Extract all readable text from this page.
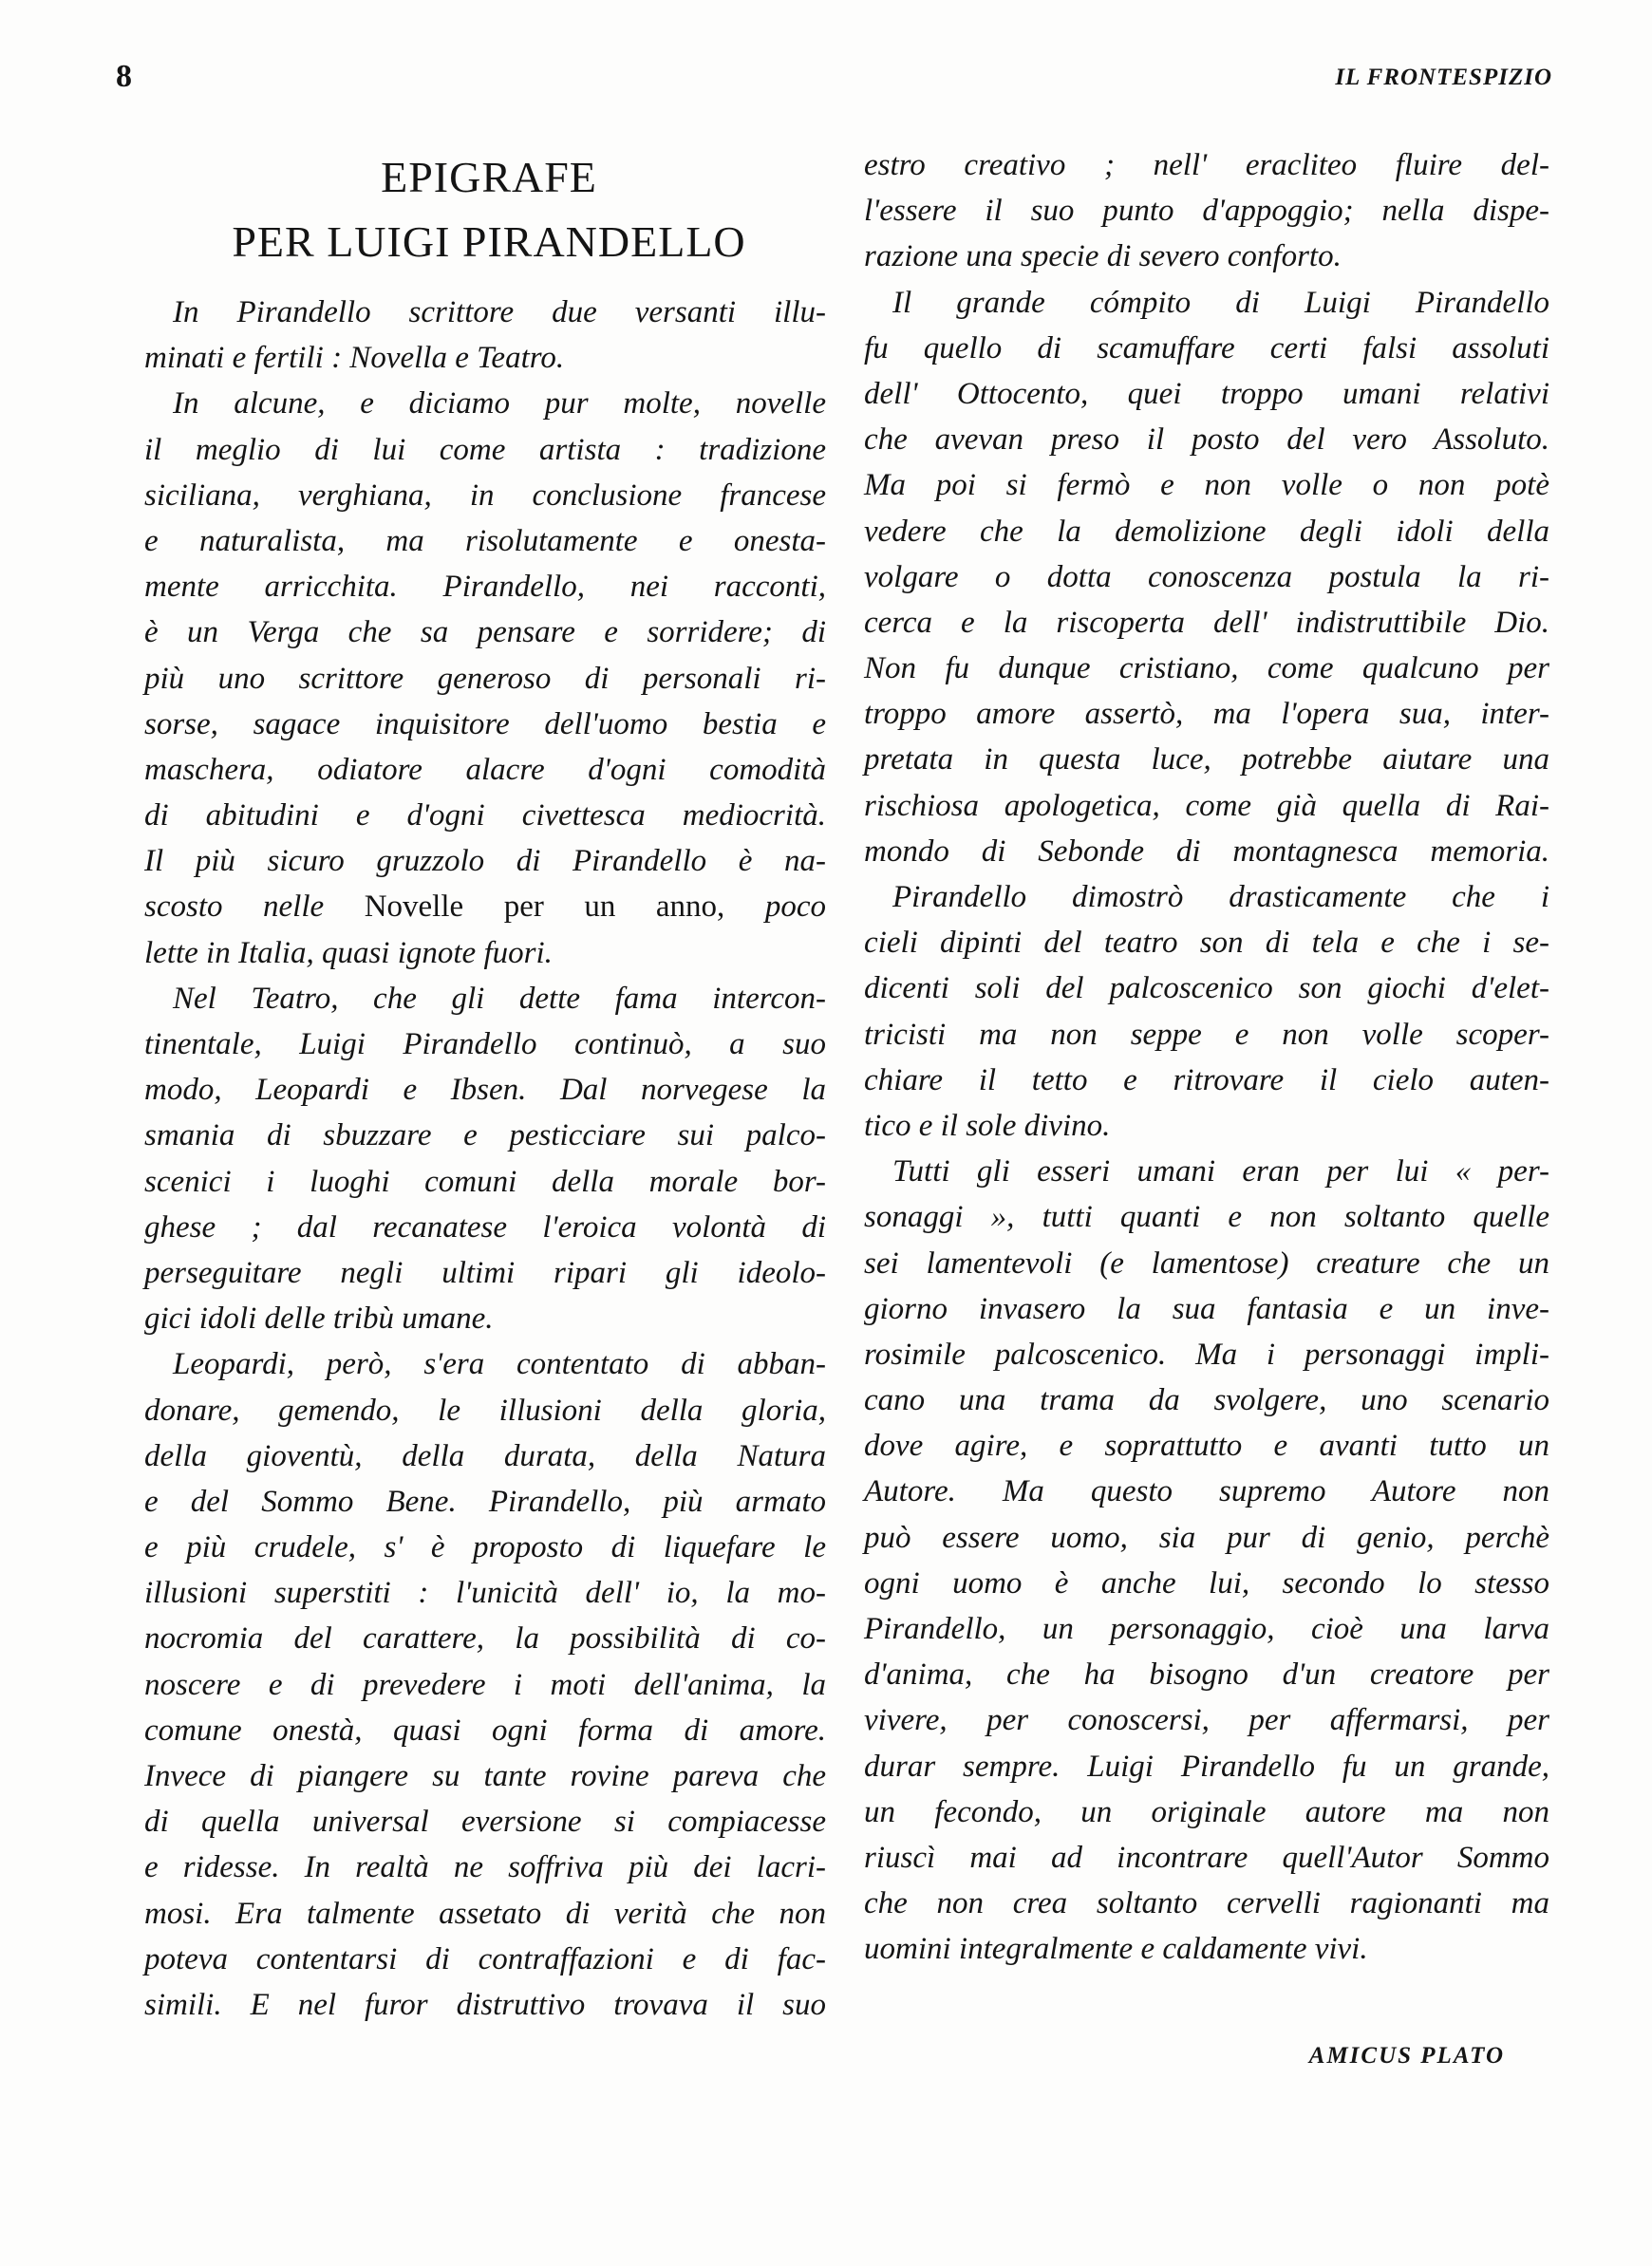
8	IL FRONTESPIZIO
EPIGRAFE
PER LUIGI PIRANDELLO
In Pirandello scrittore due versanti illu-
minati e fertili : Novella e Teatro.
In alcune, e diciamo pur molte, novelle
il meglio di lui come artista : tradizione
siciliana, verghiana, in conclusione francese
e naturalista, ma risolutamente e onesta-
mente arricchita. Pirandello, nei racconti,
è un Verga che sa pensare e sorridere; di
più uno scrittore generoso di personali ri-
sorse, sagace inquisitore dell'uomo bestia e
maschera, odiatore alacre d'ogni comodità
di abitudini e d'ogni civettesca mediocrità.
Il più sicuro gruzzolo di Pirandello è na-
scosto nelle Novelle per un anno, poco
lette in Italia, quasi ignote fuori.
Nel Teatro, che gli dette fama intercon-
tinentale, Luigi Pirandello continuò, a suo
modo, Leopardi e Ibsen. Dal norvegese la
smania di sbuzzare e pesticciare sui palco-
scenici i luoghi comuni della morale bor-
ghese ; dal recanatese l'eroica volontà di
perseguitare negli ultimi ripari gli ideolo-
gici idoli delle tribù umane.
Leopardi, però, s'era contentato di abban-
donare, gemendo, le illusioni della gloria,
della gioventù, della durata, della Natura
e del Sommo Bene. Pirandello, più armato
e più crudele, s' è proposto di liquefare le
illusioni superstiti : l'unicità dell' io, la mo-
nocromia del carattere, la possibilità di co-
noscere e di prevedere i moti dell'anima, la
comune onestà, quasi ogni forma di amore.
Invece di piangere su tante rovine pareva che
di quella universal eversione si compiacesse
e ridesse. In realtà ne soffriva più dei lacri-
mosi. Era talmente assetato di verità che non
poteva contentarsi di contraffazioni e di fac-
simili. E nel furor distruttivo trovava il suo
estro creativo ; nell' eracliteo fluire del-
l'essere il suo punto d'appoggio; nella dispe-
razione una specie di severo conforto.
Il grande cómpito di Luigi Pirandello
fu quello di scamuffare certi falsi assoluti
dell' Ottocento, quei troppo umani relativi
che avevan preso il posto del vero Assoluto.
Ma poi si fermò e non volle o non potè
vedere che la demolizione degli idoli della
volgare o dotta conoscenza postula la ri-
cerca e la riscoperta dell' indistruttibile Dio.
Non fu dunque cristiano, come qualcuno per
troppo amore assertò, ma l'opera sua, inter-
pretata in questa luce, potrebbe aiutare una
rischiosa apologetica, come già quella di Rai-
mondo di Sebonde di montagnesca memoria.
Pirandello dimostrò drasticamente che i
cieli dipinti del teatro son di tela e che i se-
dicenti soli del palcoscenico son giochi d'elet-
tricisti ma non seppe e non volle scoper-
chiare il tetto e ritrovare il cielo auten-
tico e il sole divino.
Tutti gli esseri umani eran per lui « per-
sonaggi », tutti quanti e non soltanto quelle
sei lamentevoli (e lamentose) creature che un
giorno invasero la sua fantasia e un inve-
rosimile palcoscenico. Ma i personaggi impli-
cano una trama da svolgere, uno scenario
dove agire, e soprattutto e avanti tutto un
Autore. Ma questo supremo Autore non
può essere uomo, sia pur di genio, perchè
ogni uomo è anche lui, secondo lo stesso
Pirandello, un personaggio, cioè una larva
d'anima, che ha bisogno d'un creatore per
vivere, per conoscersi, per affermarsi, per
durar sempre. Luigi Pirandello fu un grande,
un fecondo, un originale autore ma non
riuscì mai ad incontrare quell'Autor Sommo
che non crea soltanto cervelli ragionanti ma
uomini integralmente e caldamente vivi.
AMICUS PLATO
